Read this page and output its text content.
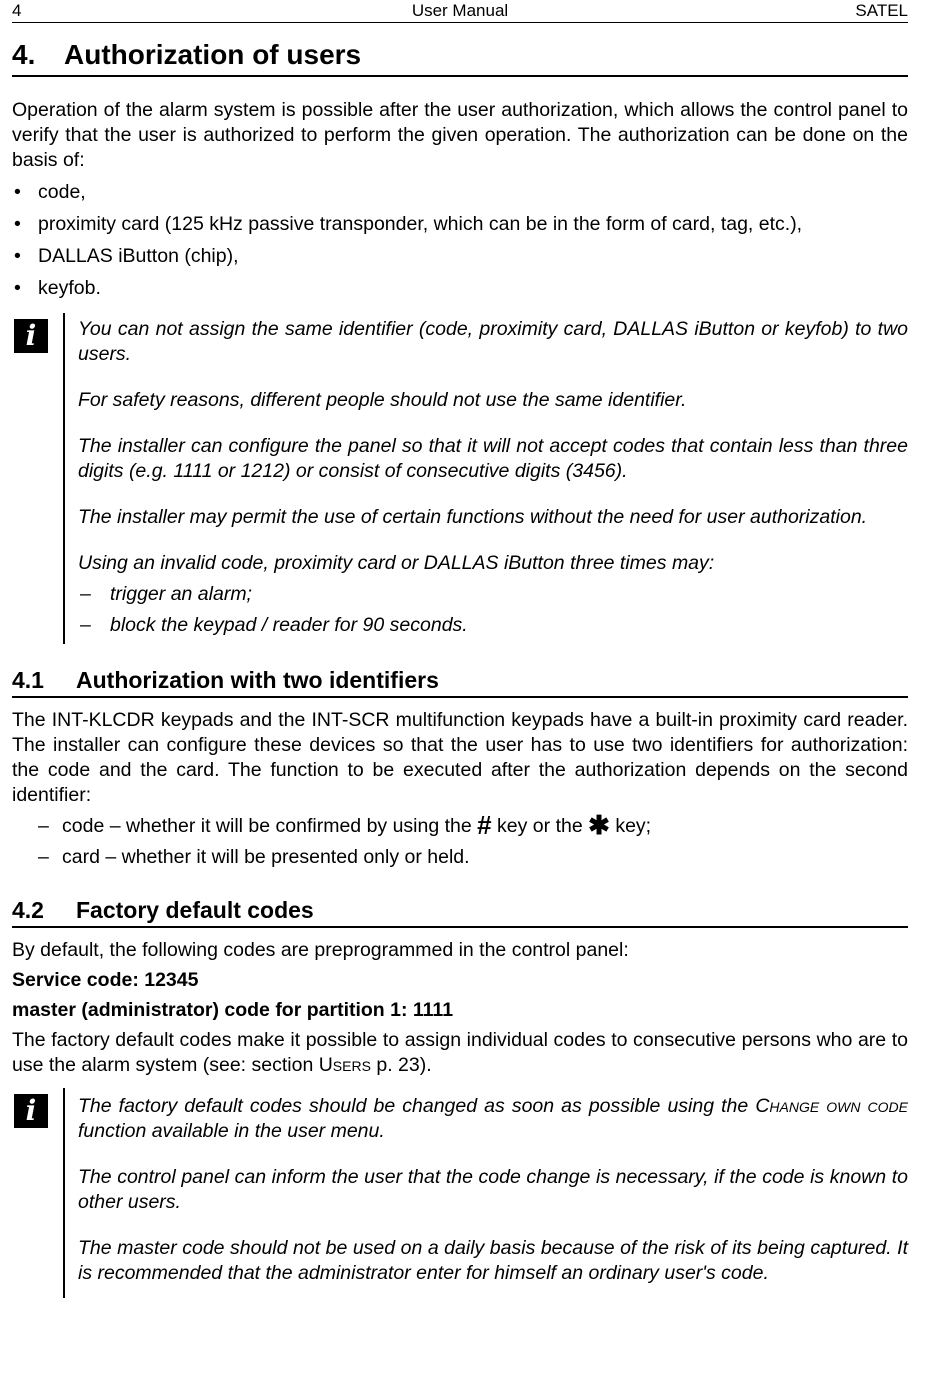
4	User Manual	SATEL
4. Authorization of users

Operation of the alarm system is possible after the user authorization, which allows the control panel to verify that the user is authorized to perform the given operation. The authorization can be done on the basis of:

• code,
• proximity card (125 kHz passive transponder, which can be in the form of card, tag, etc.),
• DALLAS iButton (chip),
• keyfob.
i	You can not assign the same identifier (code, proximity card, DALLAS iButton or keyfob) to two users.

For safety reasons, different people should not use the same identifier.

The installer can configure the panel so that it will not accept codes that contain less than three digits (e.g. 1111 or 1212) or consist of consecutive digits (3456).

The installer may permit the use of certain functions without the need for user authorization.

Using an invalid code, proximity card or DALLAS iButton three times may:

– trigger an alarm;
– block the keypad / reader for 90 seconds.
4.1 Authorization with two identifiers

The INT-KLCDR keypads and the INT-SCR multifunction keypads have a built-in proximity card reader. The installer can configure these devices so that the user has to use two identifiers for authorization: the code and the card. The function to be executed after the authorization depends on the second identifier:

– code – whether it will be confirmed by using the # key or the ✱ key;
– card – whether it will be presented only or held.
4.2 Factory default codes

By default, the following codes are preprogrammed in the control panel:

Service code: 12345

master (administrator) code for partition 1: 1111

The factory default codes make it possible to assign individual codes to consecutive persons who are to use the alarm system (see: section Users p. 23).

i	The factory default codes should be changed as soon as possible using the Change own code function available in the user menu.

The control panel can inform the user that the code change is necessary, if the code is known to other users.

The master code should not be used on a daily basis because of the risk of its being captured. It is recommended that the administrator enter for himself an ordinary user's code.
